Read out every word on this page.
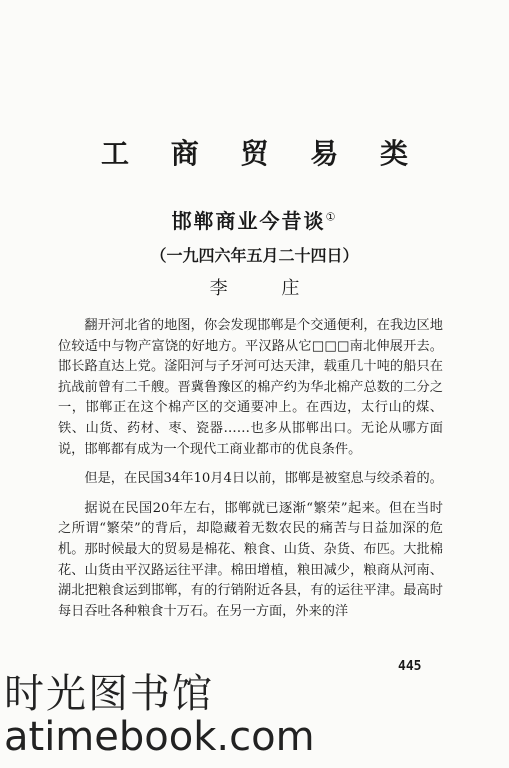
工 商 贸 易 类
邯郸商业今昔谈①
（一九四六年五月二十四日）
李 庄

翻开河北省的地图，你会发现邯郸是个交通便利，在我边区地位较适中与物产富饶的好地方。平汉路从它□□□南北伸展开去。邯长路直达上党。滏阳河与子牙河可达天津，载重几十吨的船只在抗战前曾有二千艘。晋冀鲁豫区的棉产约为华北棉产总数的二分之一，邯郸正在这个棉产区的交通要冲上。在西边，太行山的煤、铁、山货、药材、枣、瓷器……也多从邯郸出口。无论从哪方面说，邯郸都有成为一个现代工商业都市的优良条件。

但是，在民国34年10月4日以前，邯郸是被窒息与绞杀着的。

据说在民国20年左右，邯郸就已逐渐“繁荣”起来。但在当时之所谓“繁荣”的背后，却隐藏着无数农民的痛苦与日益加深的危机。那时候最大的贸易是棉花、粮食、山货、杂货、布匹。大批棉花、山货由平汉路运往平津。棉田增植，粮田减少，粮商从河南、湖北把粮食运到邯郸，有的行销附近各县，有的运往平津。最高时每日吞吐各种粮食十万石。在另一方面，外来的洋

445
时光图书馆
atimebook.com
